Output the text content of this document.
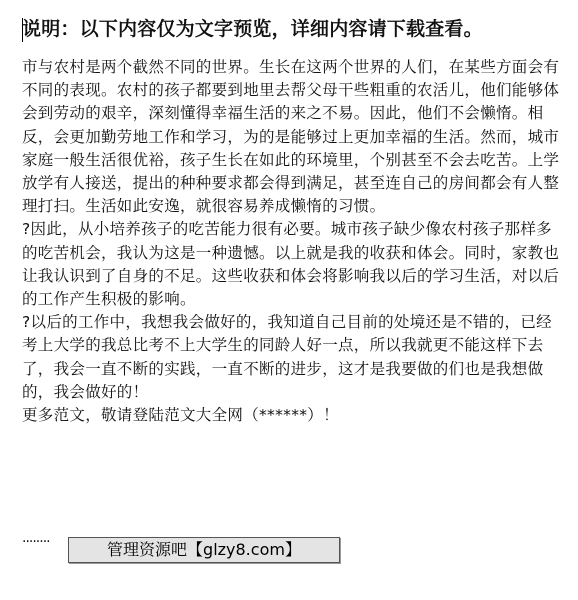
说明：以下内容仅为文字预览，详细内容请下载查看。

市与农村是两个截然不同的世界。生长在这两个世界的人们，在某些方面会有不同的表现。农村的孩子都要到地里去帮父母干些粗重的农活儿，他们能够体会到劳动的艰辛，深刻懂得幸福生活的来之不易。因此，他们不会懒惰。相反，会更加勤劳地工作和学习，为的是能够过上更加幸福的生活。然而，城市家庭一般生活很优裕，孩子生长在如此的环境里，个别甚至不会去吃苦。上学放学有人接送，提出的种种要求都会得到满足，甚至连自己的房间都会有人整理打扫。生活如此安逸，就很容易养成懒惰的习惯。

?因此，从小培养孩子的吃苦能力很有必要。城市孩子缺少像农村孩子那样多的吃苦机会，我认为这是一种遗憾。以上就是我的收获和体会。同时，家教也让我认识到了自身的不足。这些收获和体会将影响我以后的学习生活，对以后的工作产生积极的影响。

?以后的工作中，我想我会做好的，我知道自己目前的处境还是不错的，已经考上大学的我总比考不上大学生的同龄人好一点，所以我就更不能这样下去了，我会一直不断的实践，一直不断的进步，这才是我要做的们也是我想做的，我会做好的！

更多范文，敬请登陆范文大全网（******）！

········	管理资源吧【glzy8.com】
